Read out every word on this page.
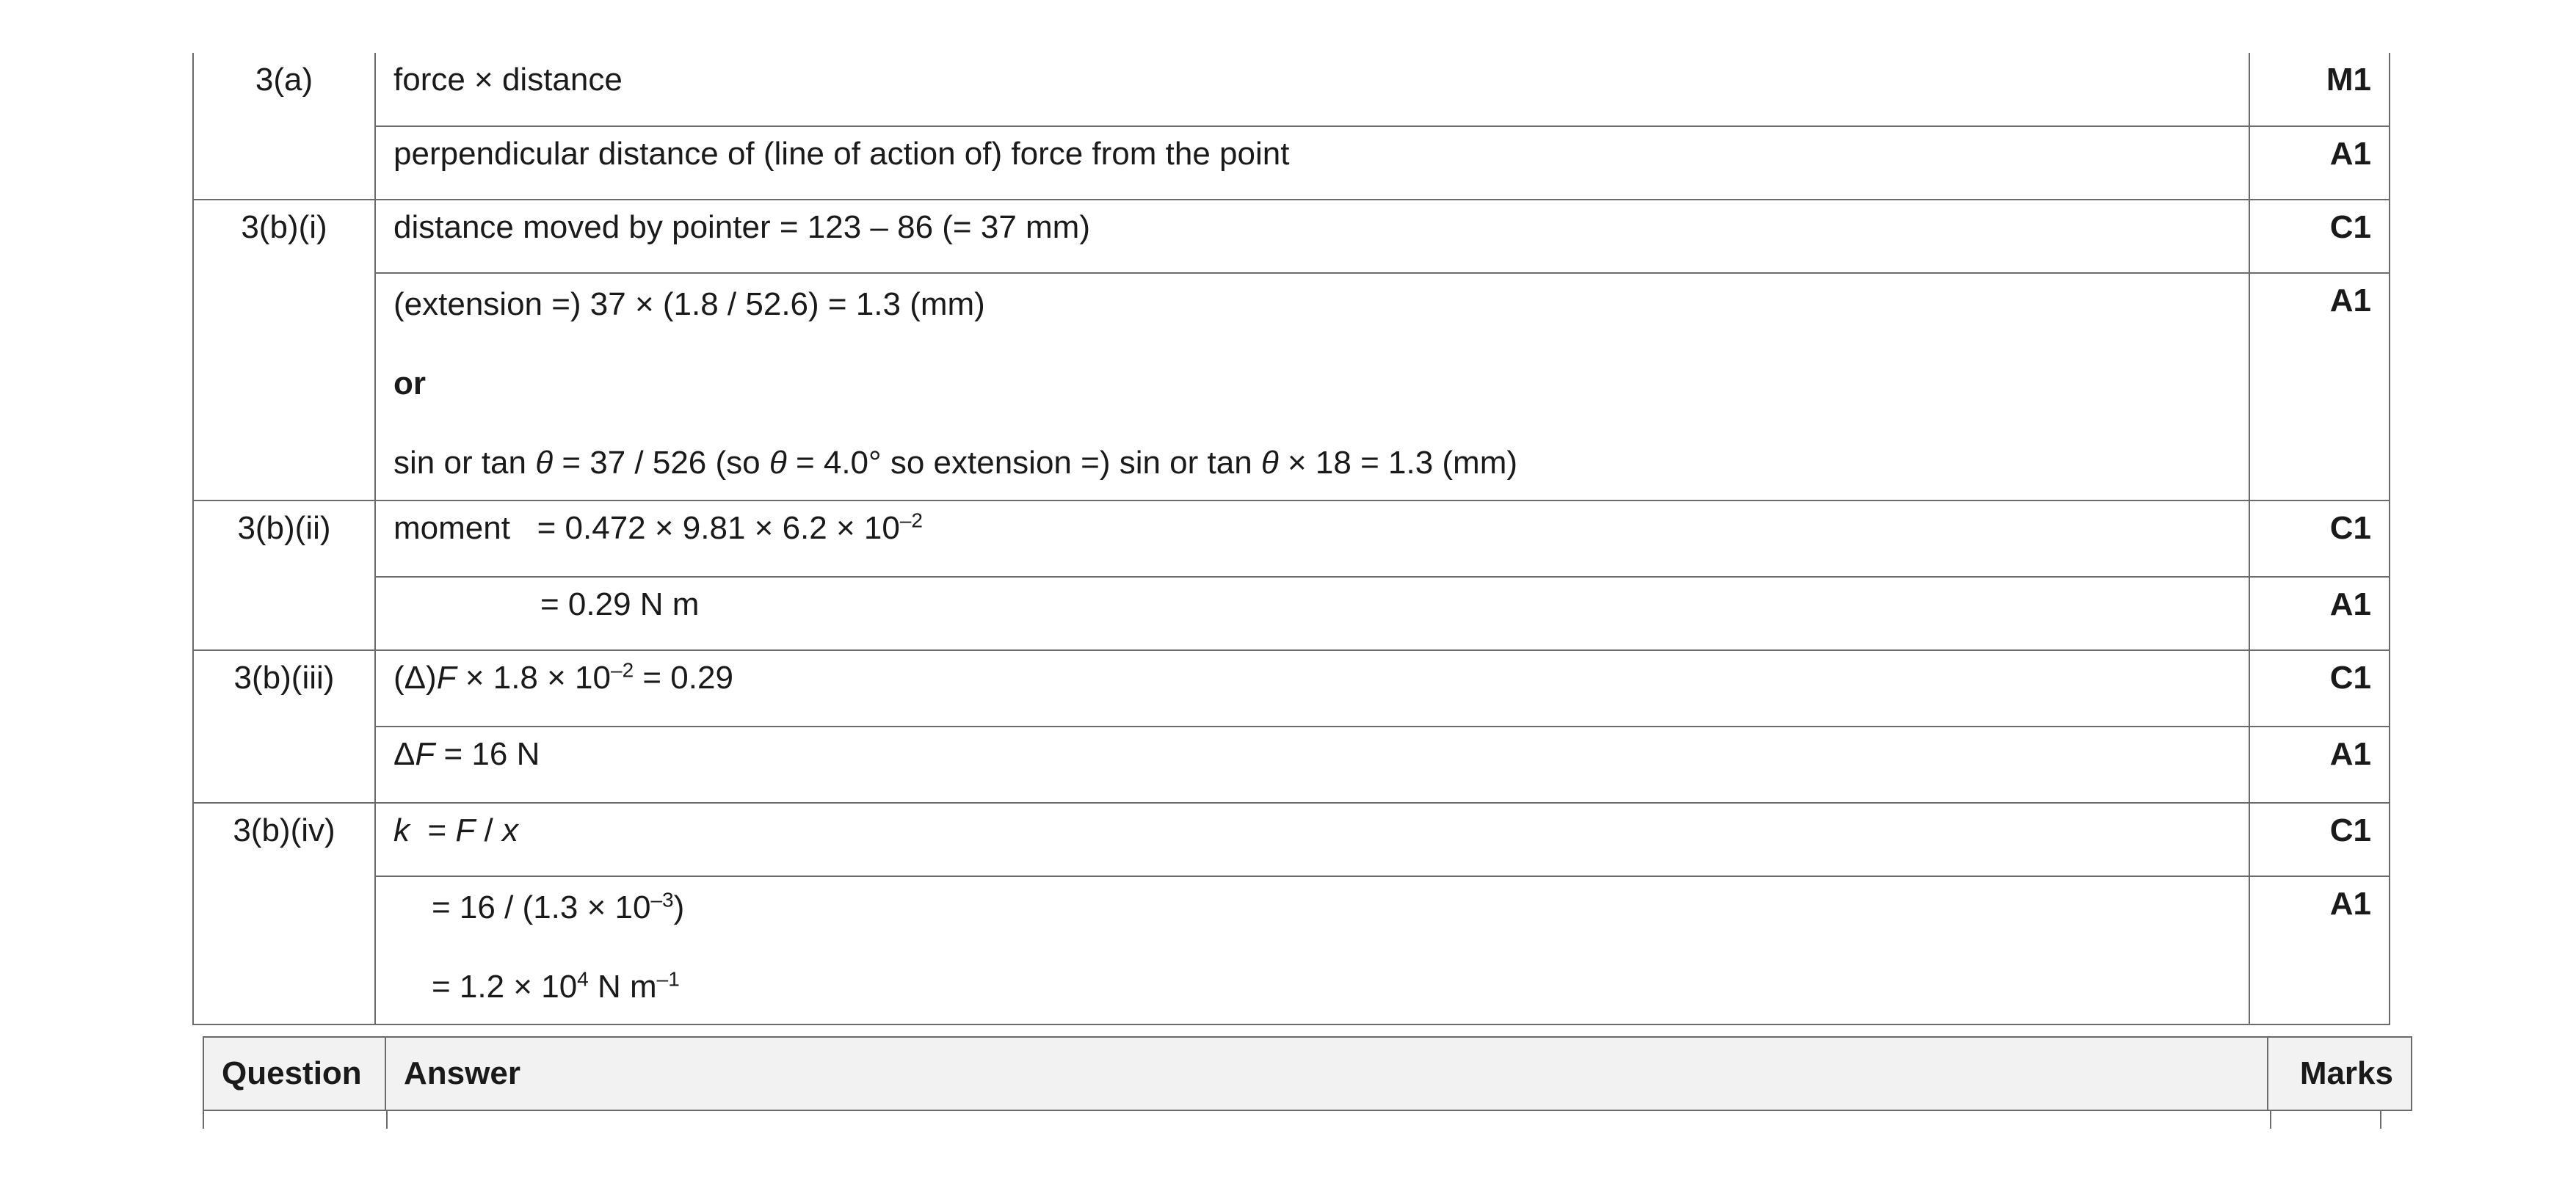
3(a)	force × distance	M1

	perpendicular distance of (line of action of) force from the point	A1

3(b)(i)	distance moved by pointer = 123 – 86 (= 37 mm)	C1

	(extension =) 37 × (1.8 / 52.6) = 1.3 (mm)
or
sin or tan θ = 37 / 526 (so θ = 4.0° so extension =) sin or tan θ × 18 = 1.3 (mm)	A1

3(b)(ii)	moment   = $0.472 \times 9.81 \times 6.2 \times 10^{-2}$	C1

	= 0.29 N m	A1

3(b)(iii)	$(\Delta)F \times 1.8 \times 10^{-2} = 0.29$	C1

	ΔF = 16 N	A1

3(b)(iv)	k  = F / x	C1

	= $16 / (1.3 \times 10^{-3})$
= $1.2 \times 10^4$ N $m^{-1}$	A1
Question	Answer	Marks
